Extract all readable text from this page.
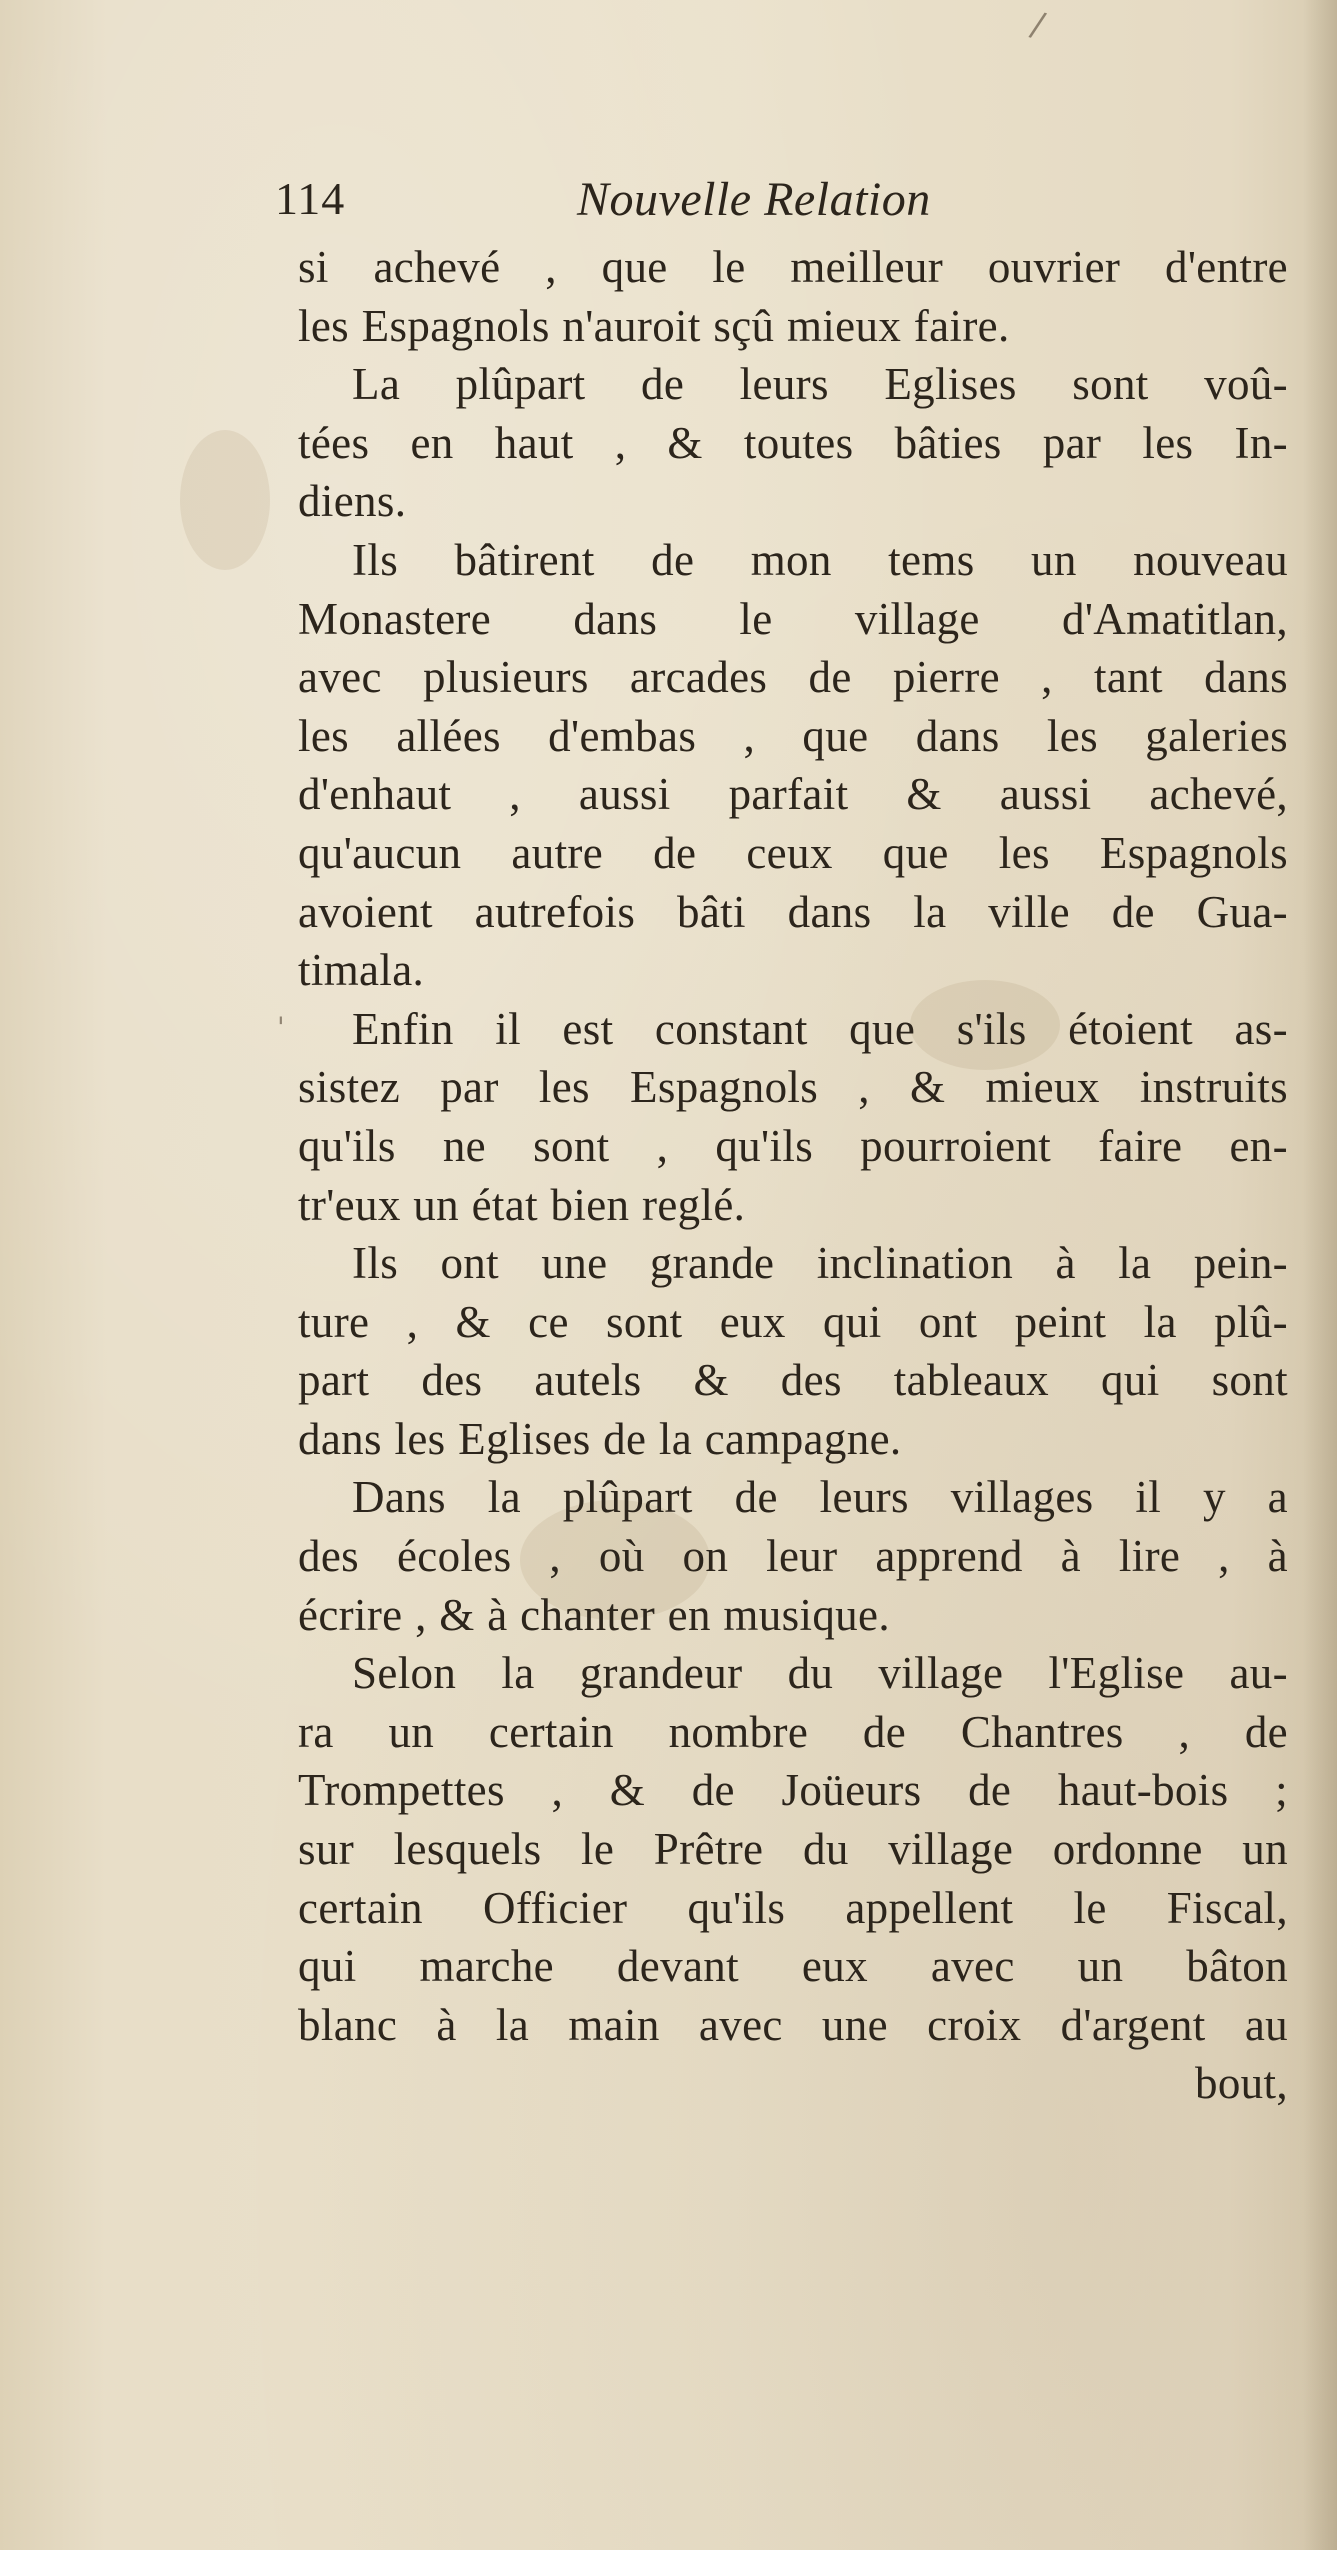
/
'
114	Nouvelle Relation
si achevé , que le meilleur ouvrier d'entre
les Espagnols n'auroit sçû mieux faire.
La plûpart de leurs Eglises sont voû-
tées en haut , & toutes bâties par les In-
diens.
Ils bâtirent de mon tems un nouveau
Monastere dans le village d'Amatitlan,
avec plusieurs arcades de pierre , tant dans
les allées d'embas , que dans les galeries
d'enhaut , aussi parfait & aussi achevé,
qu'aucun autre de ceux que les Espagnols
avoient autrefois bâti dans la ville de Gua-
timala.
Enfin il est constant que s'ils étoient as-
sistez par les Espagnols , & mieux instruits
qu'ils ne sont , qu'ils pourroient faire en-
tr'eux un état bien reglé.
Ils ont une grande inclination à la pein-
ture , & ce sont eux qui ont peint la plû-
part des autels & des tableaux qui sont
dans les Eglises de la campagne.
Dans la plûpart de leurs villages il y a
des écoles , où on leur apprend à lire , à
écrire , & à chanter en musique.
Selon la grandeur du village l'Eglise au-
ra un certain nombre de Chantres , de
Trompettes , & de Joüeurs de haut-bois ;
sur lesquels le Prêtre du village ordonne un
certain Officier qu'ils appellent le Fiscal,
qui marche devant eux avec un bâton
blanc à la main avec une croix d'argent au
bout,
